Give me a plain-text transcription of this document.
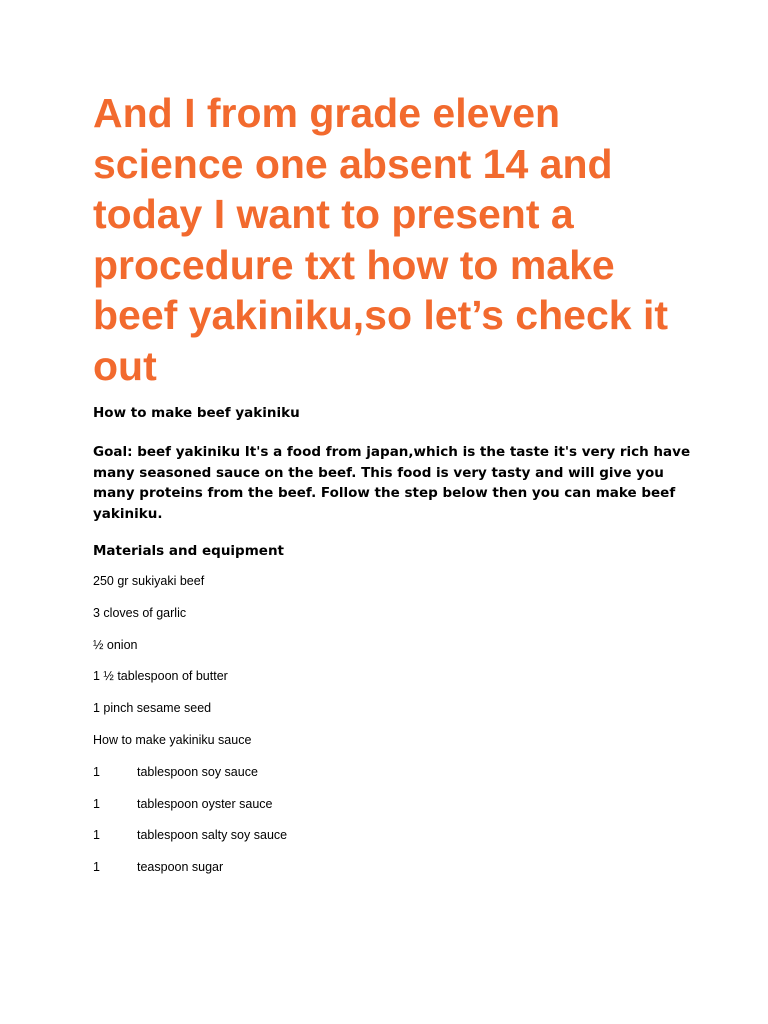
And I from grade eleven science one absent 14 and today I want to present a procedure txt how to make beef yakiniku,so let’s check it out

How to make beef yakiniku

Goal: beef yakiniku It's a food from japan,which is the taste it's very rich have many seasoned sauce on the beef. This food is very tasty and will give you many proteins from the beef. Follow the step below then you can make beef yakiniku.

Materials and equipment

250 gr sukiyaki beef
3 cloves of garlic
½ onion
1 ½ tablespoon of butter
1 pinch sesame seed
How to make yakiniku sauce
1	tablespoon soy sauce
1	tablespoon oyster sauce
1	tablespoon salty soy sauce
1	teaspoon sugar
